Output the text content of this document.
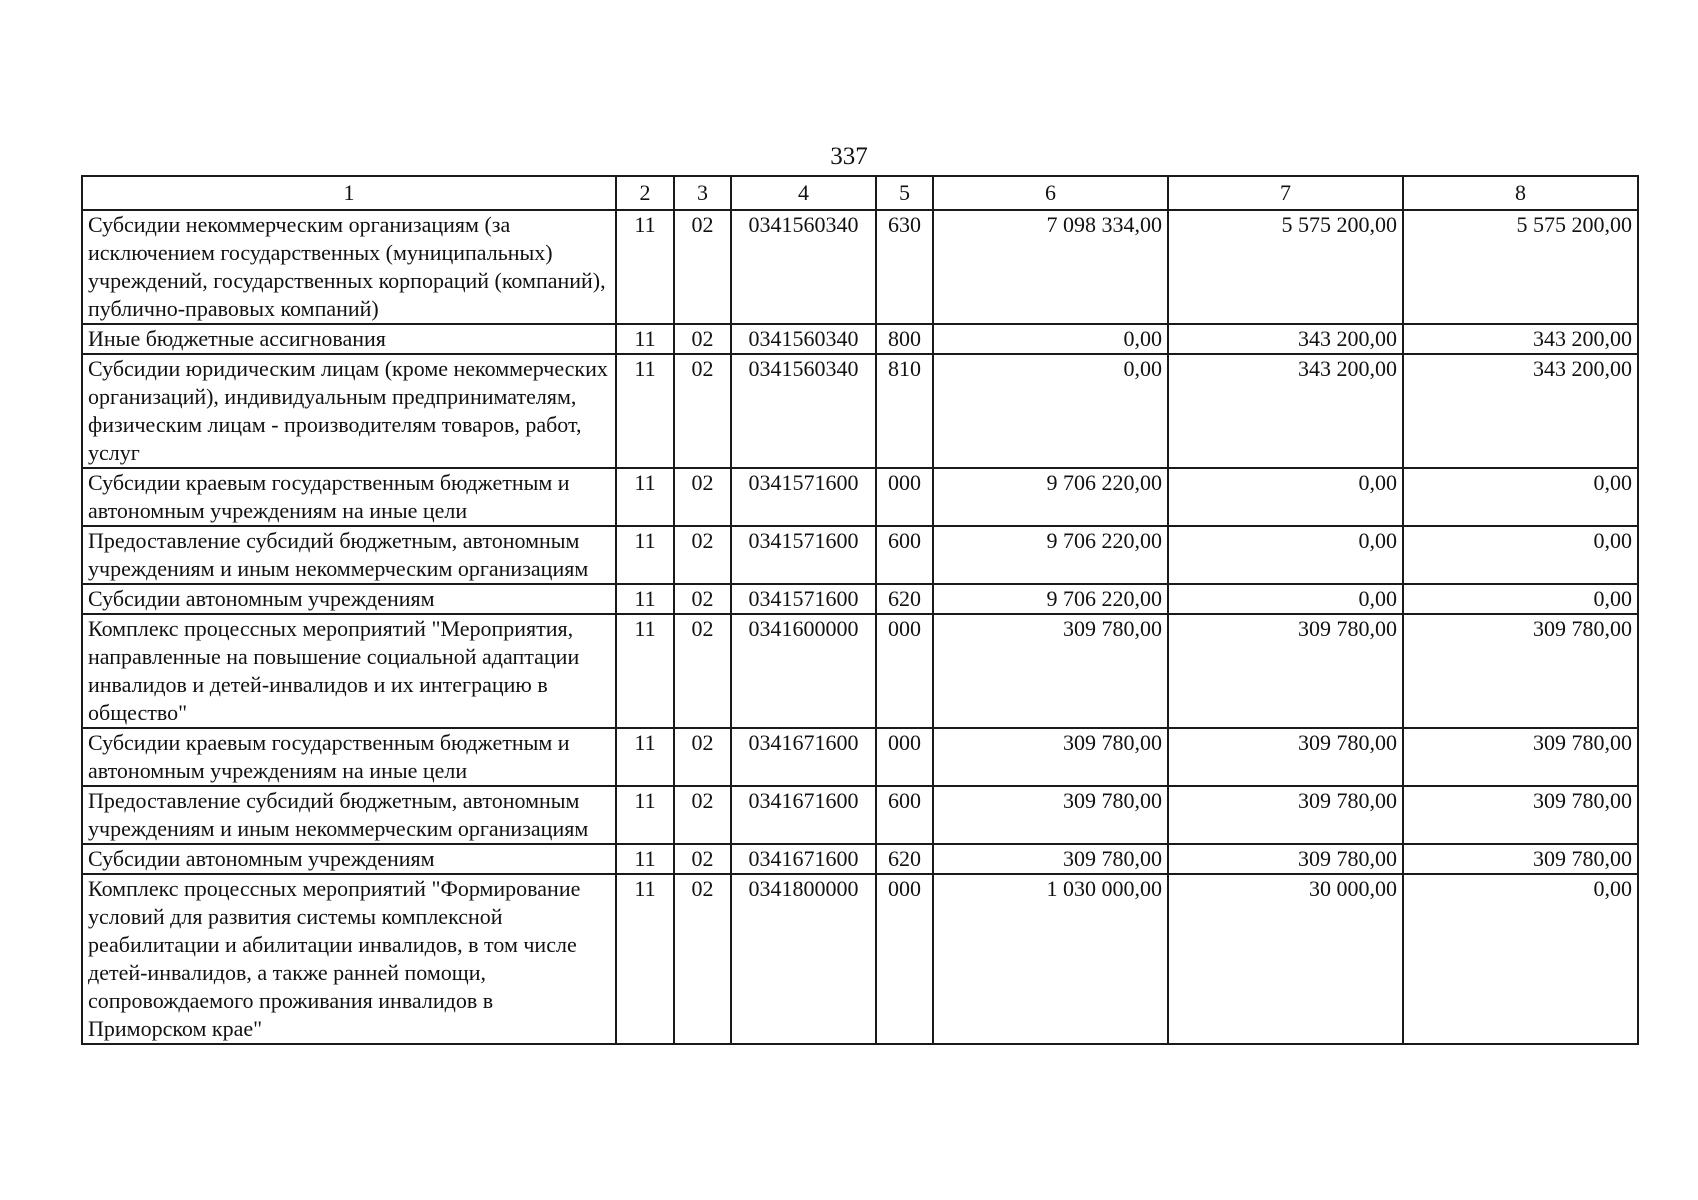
337
1	2	3	4	5	6	7	8
Субсидии некоммерческим организациям (за исключением государственных (муниципальных) учреждений, государственных корпораций (компаний), публично-правовых компаний)	11	02	0341560340	630	7 098 334,00	5 575 200,00	5 575 200,00
Иные бюджетные ассигнования	11	02	0341560340	800	0,00	343 200,00	343 200,00
Субсидии юридическим лицам (кроме некоммерческих организаций), индивидуальным предпринимателям, физическим лицам - производителям товаров, работ, услуг	11	02	0341560340	810	0,00	343 200,00	343 200,00
Субсидии краевым государственным бюджетным и автономным учреждениям на иные цели	11	02	0341571600	000	9 706 220,00	0,00	0,00
Предоставление субсидий бюджетным, автономным учреждениям и иным некоммерческим организациям	11	02	0341571600	600	9 706 220,00	0,00	0,00
Субсидии автономным учреждениям	11	02	0341571600	620	9 706 220,00	0,00	0,00
Комплекс процессных мероприятий "Мероприятия, направленные на повышение социальной адаптации инвалидов и детей-инвалидов и их интеграцию в общество"	11	02	0341600000	000	309 780,00	309 780,00	309 780,00
Субсидии краевым государственным бюджетным и автономным учреждениям на иные цели	11	02	0341671600	000	309 780,00	309 780,00	309 780,00
Предоставление субсидий бюджетным, автономным учреждениям и иным некоммерческим организациям	11	02	0341671600	600	309 780,00	309 780,00	309 780,00
Субсидии автономным учреждениям	11	02	0341671600	620	309 780,00	309 780,00	309 780,00
Комплекс процессных мероприятий "Формирование условий для развития системы комплексной реабилитации и абилитации инвалидов, в том числе детей-инвалидов, а также ранней помощи, сопровождаемого проживания инвалидов в Приморском крае"	11	02	0341800000	000	1 030 000,00	30 000,00	0,00
